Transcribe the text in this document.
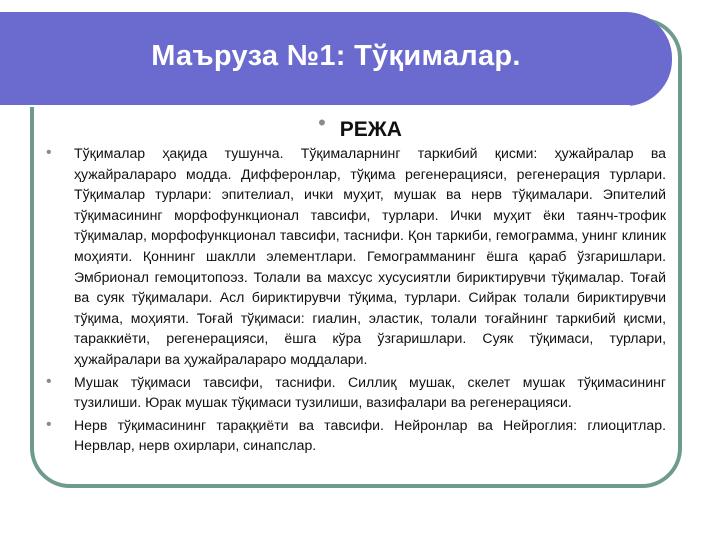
Маъруза №1: Тўқималар.
• РЕЖА
• Тўқималар ҳақида тушунча. Тўқималарнинг таркибий қисми: ҳужайралар ва ҳужайралараро модда. Дифферонлар, тўқима регенерацияси, регенерация турлари. Тўқималар турлари: эпителиал, ички муҳит, мушак ва нерв тўқималари. Эпителий тўқимасининг морфофункционал тавсифи, турлари. Ички муҳит ёки таянч-трофик тўқималар, морфофункционал тавсифи, таснифи. Қон таркиби, гемограмма, унинг клиник моҳияти. Қоннинг шаклли элементлари. Гемограмманинг ёшга қараб ўзгаришлари. Эмбрионал гемоцитопоэз. Толали ва махсус хусусиятли бириктирувчи тўқималар. Тоғай ва суяк тўқималари. Асл бириктирувчи тўқима, турлари. Сийрак толали бириктирувчи тўқима, моҳияти. Тоғай тўқимаси: гиалин, эластик, толали тоғайнинг таркибий қисми, тараккиёти, регенерацияси, ёшга кўра ўзгаришлари. Суяк тўқимаси, турлари, ҳужайралари ва ҳужайралараро моддалари.
• Мушак тўқимаси тавсифи, таснифи. Силлиқ мушак, скелет мушак тўқимасининг тузилиши. Юрак мушак тўқимаси тузилиши, вазифалари ва регенерацияси.
• Нерв тўқимасининг тараққиёти ва тавсифи. Нейронлар ва Нейроглия: глиоцитлар. Нервлар, нерв охирлари, синапслар.
